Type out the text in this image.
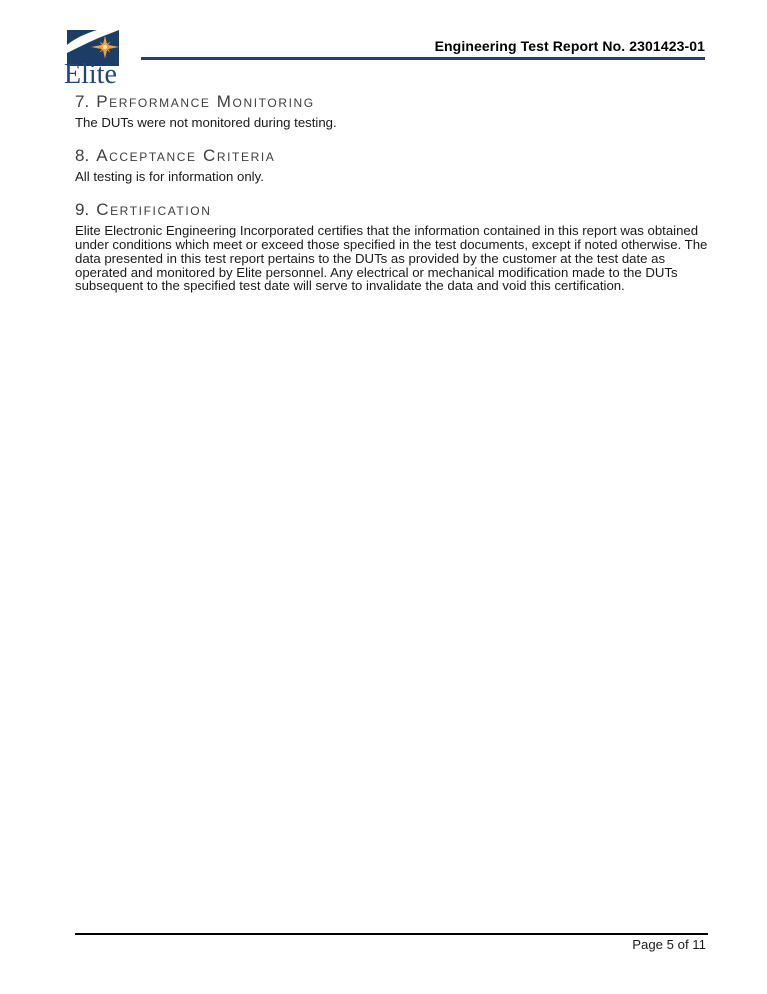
Elite
Engineering Test Report No. 2301423-01
7. Performance Monitoring
The DUTs were not monitored during testing.
8. Acceptance Criteria
All testing is for information only.
9. Certification
Elite Electronic Engineering Incorporated certifies that the information contained in this report was obtained
under conditions which meet or exceed those specified in the test documents, except if noted otherwise. The
data presented in this test report pertains to the DUTs as provided by the customer at the test date as
operated and monitored by Elite personnel. Any electrical or mechanical modification made to the DUTs
subsequent to the specified test date will serve to invalidate the data and void this certification.
Page 5 of 11
